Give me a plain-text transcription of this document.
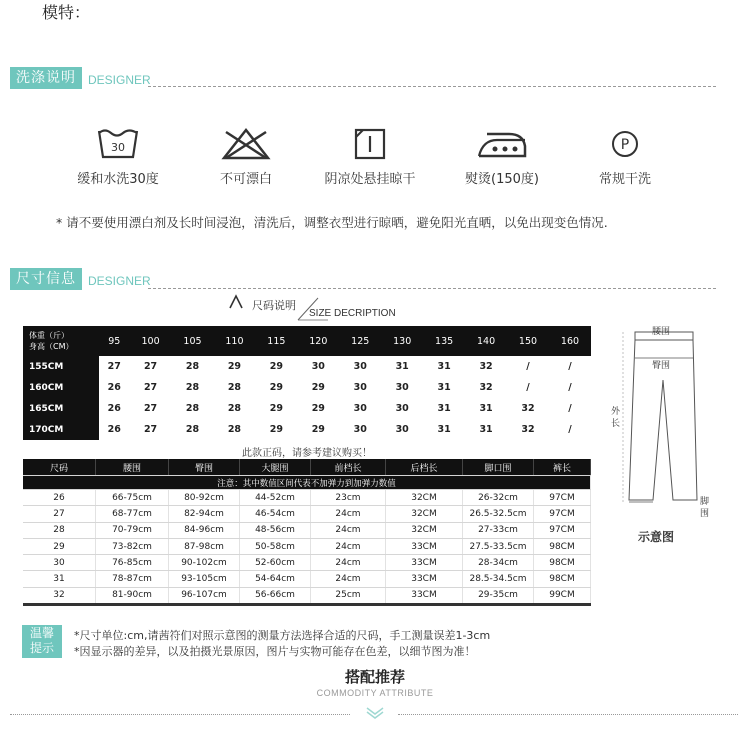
模特：
洗涤说明	DESIGNER
30
缓和水洗30度	不可漂白	阴凉处悬挂晾干	熨烫(150度)
P
常规干洗
* 请不要使用漂白剂及长时间浸泡，清洗后，调整衣型进行晾晒，避免阳光直晒，以免出现变色情况.
尺寸信息	DESIGNER
尺码说明
SIZE DECRIPTION
体重（斤）
身高（CM）	95	100	105	110	115	120	125	130	135	140	150	160
155CM	27	27	28	29	29	30	30	31	31	32	/	/
160CM	26	27	28	28	29	29	30	30	31	32	/	/
165CM	26	27	28	28	29	29	30	30	31	31	32	/
170CM	26	27	28	28	29	29	30	30	31	31	32	/
此款正码，请参考建议购买！
尺码	腰围	臀围	大腿围	前档长	后档长	脚口围	裤长
注意：其中数值区间代表不加弹力到加弹力数值							
26	66-75cm	80-92cm	44-52cm	23cm	32CM	26-32cm	97CM
27	68-77cm	82-94cm	46-54cm	24cm	32CM	26.5-32.5cm	97CM
28	70-79cm	84-96cm	48-56cm	24cm	32CM	27-33cm	97CM
29	73-82cm	87-98cm	50-58cm	24cm	33CM	27.5-33.5cm	98CM
30	76-85cm	90-102cm	52-60cm	24cm	33CM	28-34cm	98CM
31	78-87cm	93-105cm	54-64cm	24cm	33CM	28.5-34.5cm	98CM
32	81-90cm	96-107cm	56-66cm	25cm	33CM	29-35cm	99CM
腰围
臀围
外长
脚围
示意图
温馨
提示
*尺寸单位:cm,请茜符们对照示意图的测量方法选择合适的尺码，手工测量误差1-3cm
*因显示器的差异，以及拍摄光景原因，图片与实物可能存在色差，以细节图为准！
搭配推荐
COMMODITY ATTRIBUTE
